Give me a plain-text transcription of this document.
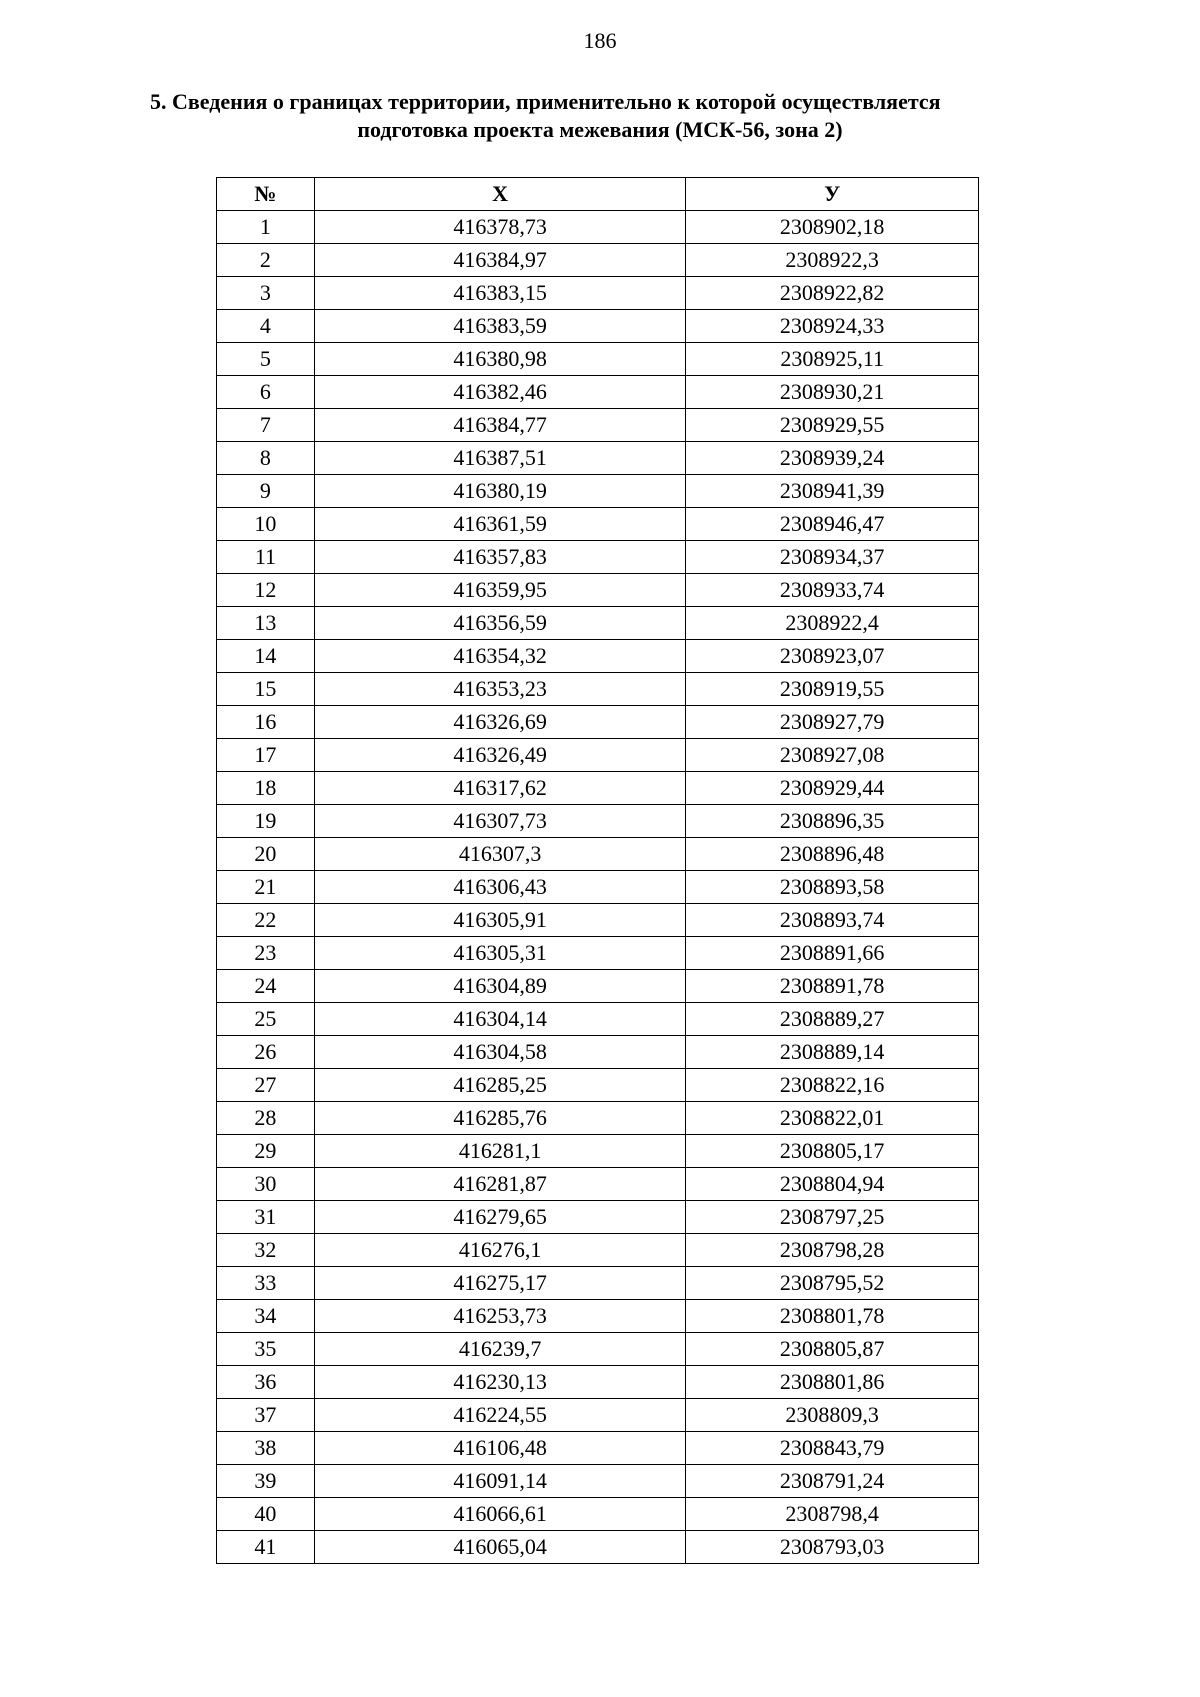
186
5. Сведения о границах территории, применительно к которой осуществляется
подготовка проекта межевания (МСК-56, зона 2)
№	Х	У
1	416378,73	2308902,18
2	416384,97	2308922,3
3	416383,15	2308922,82
4	416383,59	2308924,33
5	416380,98	2308925,11
6	416382,46	2308930,21
7	416384,77	2308929,55
8	416387,51	2308939,24
9	416380,19	2308941,39
10	416361,59	2308946,47
11	416357,83	2308934,37
12	416359,95	2308933,74
13	416356,59	2308922,4
14	416354,32	2308923,07
15	416353,23	2308919,55
16	416326,69	2308927,79
17	416326,49	2308927,08
18	416317,62	2308929,44
19	416307,73	2308896,35
20	416307,3	2308896,48
21	416306,43	2308893,58
22	416305,91	2308893,74
23	416305,31	2308891,66
24	416304,89	2308891,78
25	416304,14	2308889,27
26	416304,58	2308889,14
27	416285,25	2308822,16
28	416285,76	2308822,01
29	416281,1	2308805,17
30	416281,87	2308804,94
31	416279,65	2308797,25
32	416276,1	2308798,28
33	416275,17	2308795,52
34	416253,73	2308801,78
35	416239,7	2308805,87
36	416230,13	2308801,86
37	416224,55	2308809,3
38	416106,48	2308843,79
39	416091,14	2308791,24
40	416066,61	2308798,4
41	416065,04	2308793,03
